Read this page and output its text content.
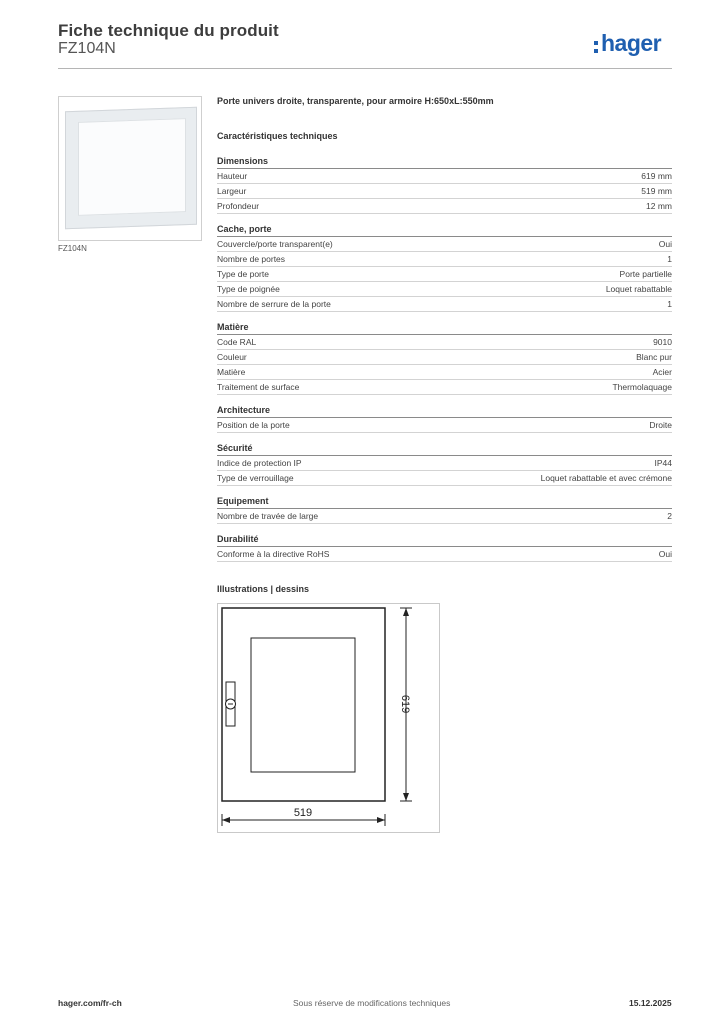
Fiche technique du produit
FZ104N	hager
FZ104N
Porte univers droite, transparente, pour armoire H:650xL:550mm
Caractéristiques techniques
Dimensions
Hauteur	619 mm
Largeur	519 mm
Profondeur	12 mm
Cache, porte
Couvercle/porte transparent(e)	Oui
Nombre de portes	1
Type de porte	Porte partielle
Type de poignée	Loquet rabattable
Nombre de serrure de la porte	1
Matière
Code RAL	9010
Couleur	Blanc pur
Matière	Acier
Traitement de surface	Thermolaquage
Architecture
Position de la porte	Droite
Sécurité
Indice de protection IP	IP44
Type de verrouillage	Loquet rabattable et avec crémone
Equipement
Nombre de travée de large	2
Durabilité
Conforme à la directive RoHS	Oui
Illustrations | dessins
519
619
hager.com/fr-ch	Sous réserve de modifications techniques	15.12.2025
